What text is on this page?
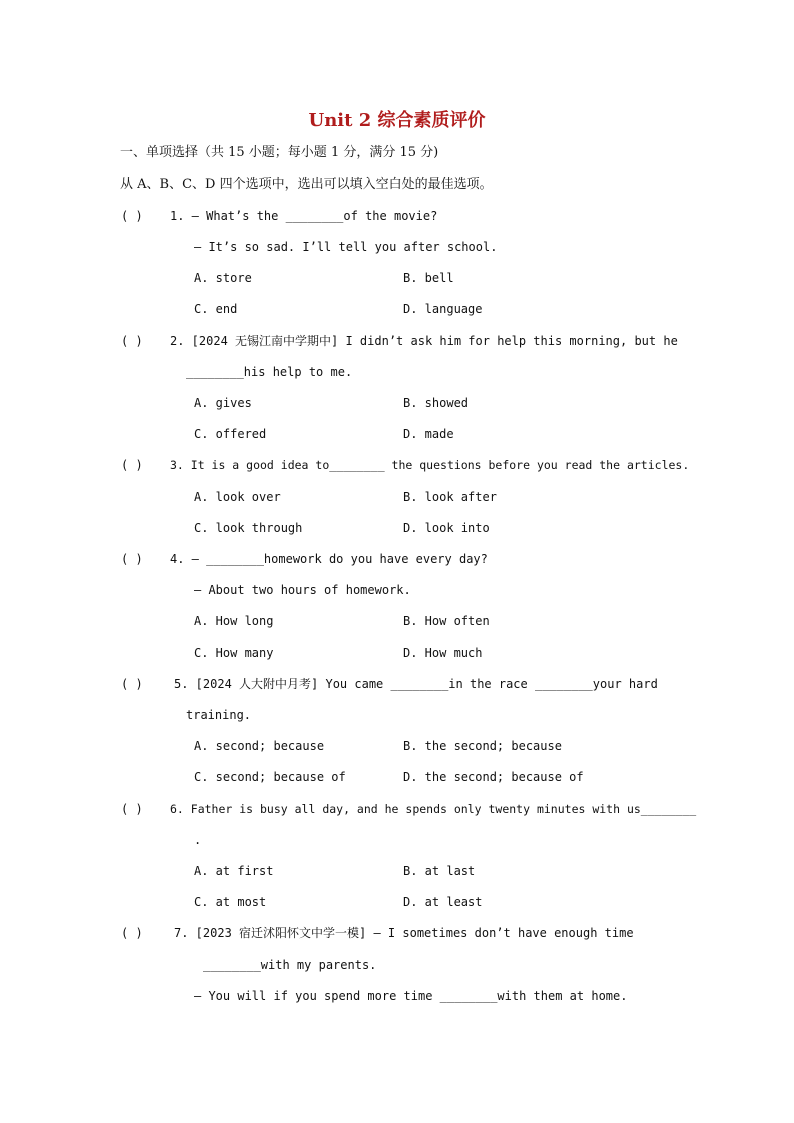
Unit 2 综合素质评价
一、单项选择（共 15 小题；每小题 1 分，满分 15 分)
从 A、B、C、D 四个选项中，选出可以填入空白处的最佳选项。
( ) 1. — What’s the ________of the movie?
— It’s so sad. I’ll tell you after school.
A. store	B. bell
C. end	D. language
( ) 2. [2024 无锡江南中学期中] I didn’t ask him for help this morning, but he
________his help to me.
A. gives	B. showed
C. offered	D. made
( ) 3. It is a good idea to________ the questions before you read the articles.
A. look over	B. look after
C. look through	D. look into
( ) 4. — ________homework do you have every day?
— About two hours of homework.
A. How long	B. How often
C. How many	D. How much
( )	5. [2024 人大附中月考] You came ________in the race ________your hard
training.
A. second; because	B. the second; because
C. second; because of	D. the second; because of
( ) 6. Father is busy all day, and he spends only twenty minutes with us________
.
A. at first	B. at last
C. at most	D. at least
( )	7. [2023 宿迁沭阳怀文中学一模] — I sometimes don’t have enough time
________with my parents.
— You will if you spend more time ________with them at home.
